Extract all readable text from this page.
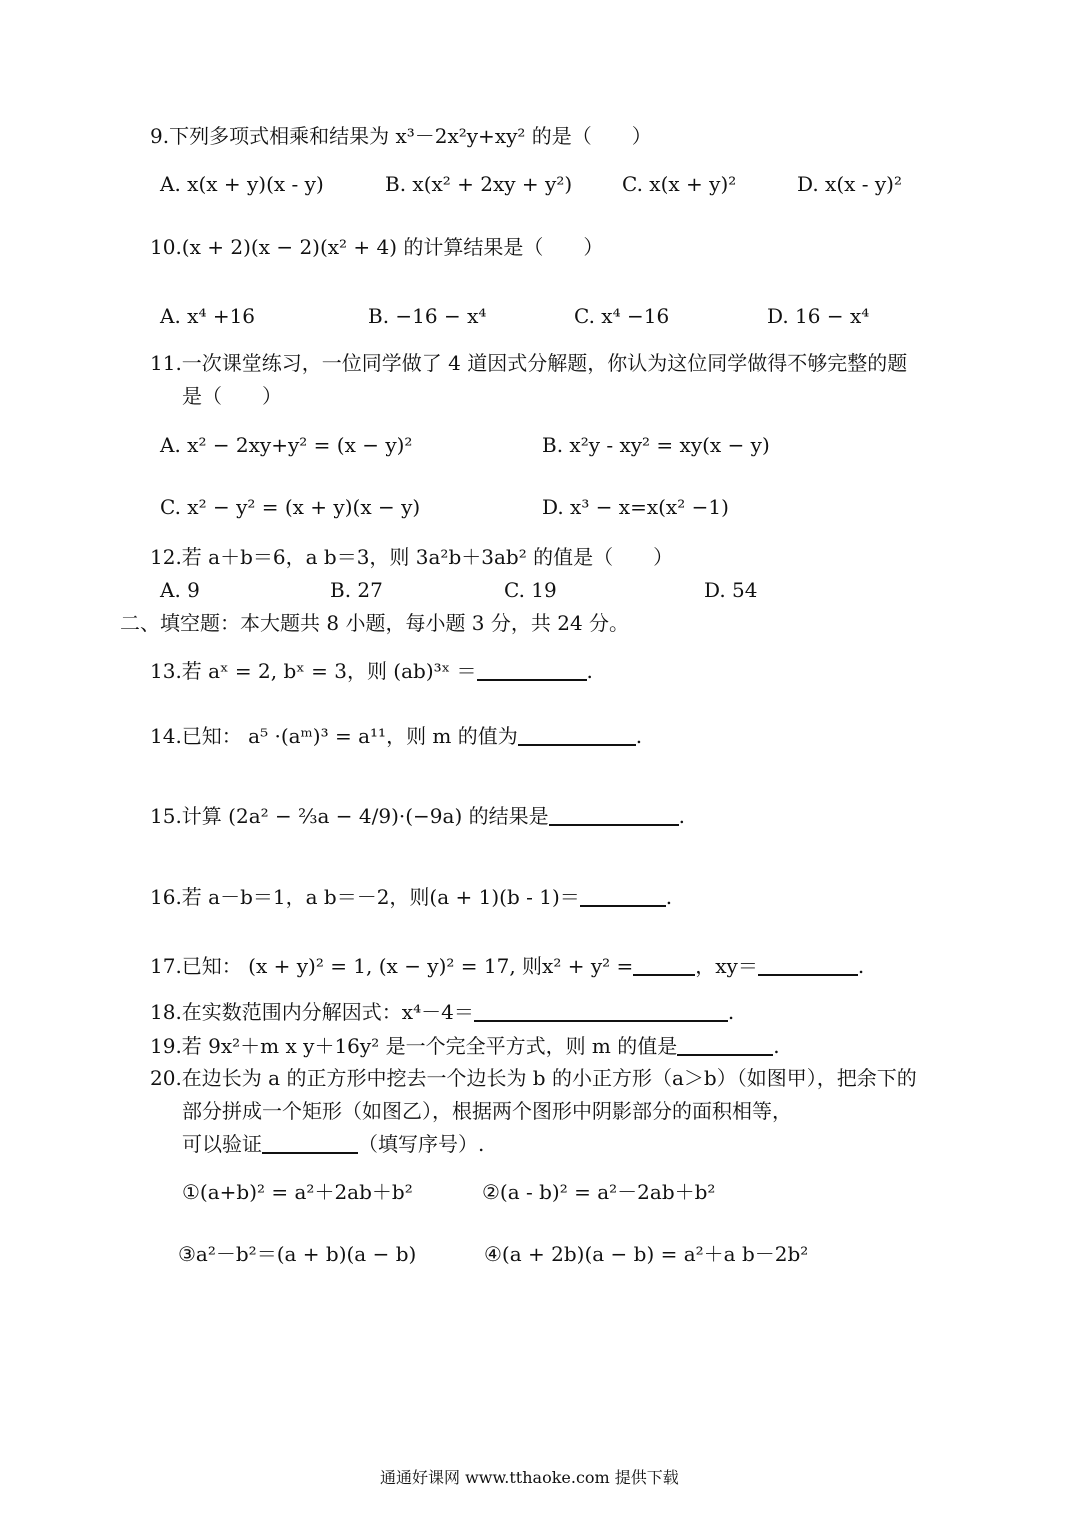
9.下列多项式相乘和结果为 x³－2x²y+xy² 的是（　　）
A. x(x + y)(x - y)	B. x(x² + 2xy + y²) C. x(x + y)²	D. x(x - y)²
10.(x + 2)(x − 2)(x² + 4) 的计算结果是（　　）
A. x⁴ +16	B. −16 − x⁴	C. x⁴ −16	D. 16 − x⁴
11.一次课堂练习，一位同学做了 4 道因式分解题，你认为这位同学做得不够完整的题
是（　　）
A. x² − 2xy+y² = (x − y)²	B. x²y - xy² = xy(x − y)
C. x² − y² = (x + y)(x − y)	D. x³ − x=x(x² −1)
12.若 a＋b＝6，a b＝3，则 3a²b＋3ab² 的值是（　　）
A. 9	B. 27	C. 19	D. 54
二、填空题：本大题共 8 小题，每小题 3 分，共 24 分。
13.若 aˣ = 2, bˣ = 3，则 (ab)³ˣ ＝	.
14.已知： a⁵ ·(aᵐ)³ = a¹¹，则 m 的值为	.
15.计算 (2a² − ⅔a − 4/9)·(−9a) 的结果是	.
16.若 a－b＝1，a b＝－2，则(a + 1)(b - 1)＝	.
17.已知： (x + y)² = 1, (x − y)² = 17, 则x² + y² =	，xy＝	.
18.在实数范围内分解因式：x⁴－4＝	.
19.若 9x²＋m x y＋16y² 是一个完全平方式，则 m 的值是	.
20.在边长为 a 的正方形中挖去一个边长为 b 的小正方形（a＞b）（如图甲），把余下的
部分拼成一个矩形（如图乙），根据两个图形中阴影部分的面积相等，
可以验证	（填写序号）.
①(a+b)² = a²＋2ab＋b²	②(a - b)² = a²－2ab＋b²
③a²－b²＝(a + b)(a − b)	④(a + 2b)(a − b) = a²＋a b－2b²
通通好课网 www.tthaoke.com 提供下载
